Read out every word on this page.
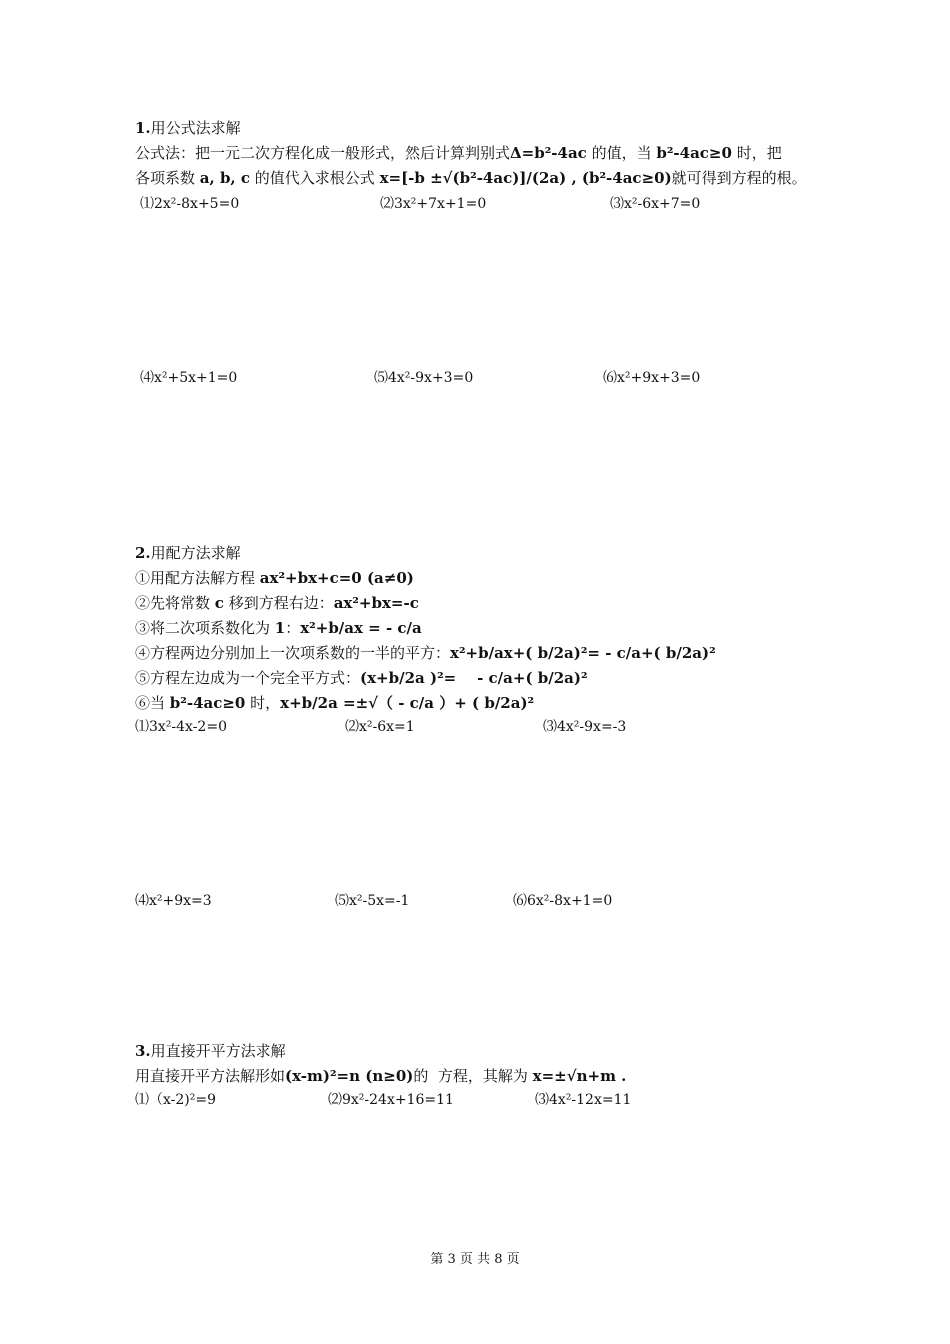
1.用公式法求解
公式法：把一元二次方程化成一般形式，然后计算判别式Δ=b²-4ac 的值，当 b²-4ac≥0 时，把
各项系数 a, b, c 的值代入求根公式 x=[-b ±√(b²-4ac)]/(2a) , (b²-4ac≥0)就可得到方程的根。
⑴2x²-8x+5=0	⑵3x²+7x+1=0	⑶x²-6x+7=0
⑷x²+5x+1=0	⑸4x²-9x+3=0	⑹x²+9x+3=0
2.用配方法求解
①用配方法解方程 ax²+bx+c=0 (a≠0)
②先将常数 c 移到方程右边：ax²+bx=-c
③将二次项系数化为 1：x²+b/ax = - c/a
④方程两边分别加上一次项系数的一半的平方：x²+b/ax+( b/2a)²= - c/a+( b/2a)²
⑤方程左边成为一个完全平方式：(x+b/2a )²=    - c/a+( b/2a)²
⑥当 b²-4ac≥0 时，x+b/2a =±√（ - c/a ）+ ( b/2a)²
⑴3x²-4x-2=0	⑵x²-6x=1	⑶4x²-9x=-3
⑷x²+9x=3	⑸x²-5x=-1	⑹6x²-8x+1=0
3.用直接开平方法求解
用直接开平方法解形如(x-m)²=n (n≥0)的  方程，其解为 x=±√n+m .
⑴（x-2)²=9	⑵9x²-24x+16=11	⑶4x²-12x=11
第 3 页 共 8 页
